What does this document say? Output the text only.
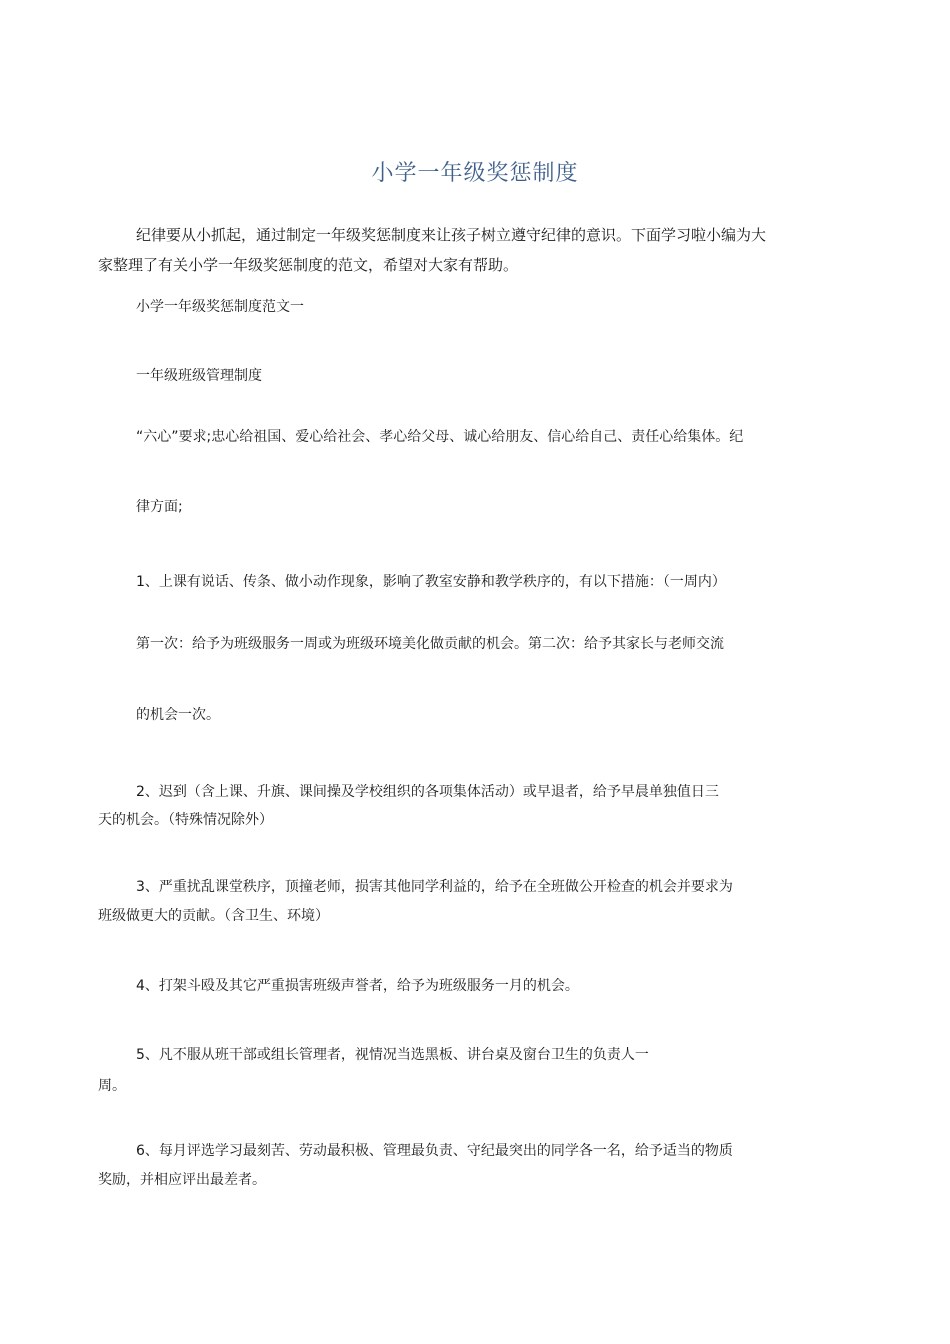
小学一年级奖惩制度
纪律要从小抓起，通过制定一年级奖惩制度来让孩子树立遵守纪律的意识。下面学习啦小编为大
家整理了有关小学一年级奖惩制度的范文，希望对大家有帮助。
小学一年级奖惩制度范文一
一年级班级管理制度
“六心”要求;忠心给祖国、爱心给社会、孝心给父母、诚心给朋友、信心给自己、责任心给集体。纪
律方面;
1、上课有说话、传条、做小动作现象，影响了教室安静和教学秩序的，有以下措施：（一周内）
第一次：给予为班级服务一周或为班级环境美化做贡献的机会。第二次：给予其家长与老师交流
的机会一次。
2、迟到（含上课、升旗、课间操及学校组织的各项集体活动）或早退者，给予早晨单独值日三
天的机会。（特殊情况除外）
3、严重扰乱课堂秩序，顶撞老师，损害其他同学利益的，给予在全班做公开检查的机会并要求为
班级做更大的贡献。（含卫生、环境）
4、打架斗殴及其它严重损害班级声誉者，给予为班级服务一月的机会。
5、凡不服从班干部或组长管理者，视情况当选黑板、讲台桌及窗台卫生的负责人一
周。
6、每月评选学习最刻苦、劳动最积极、管理最负责、守纪最突出的同学各一名，给予适当的物质
奖励，并相应评出最差者。
